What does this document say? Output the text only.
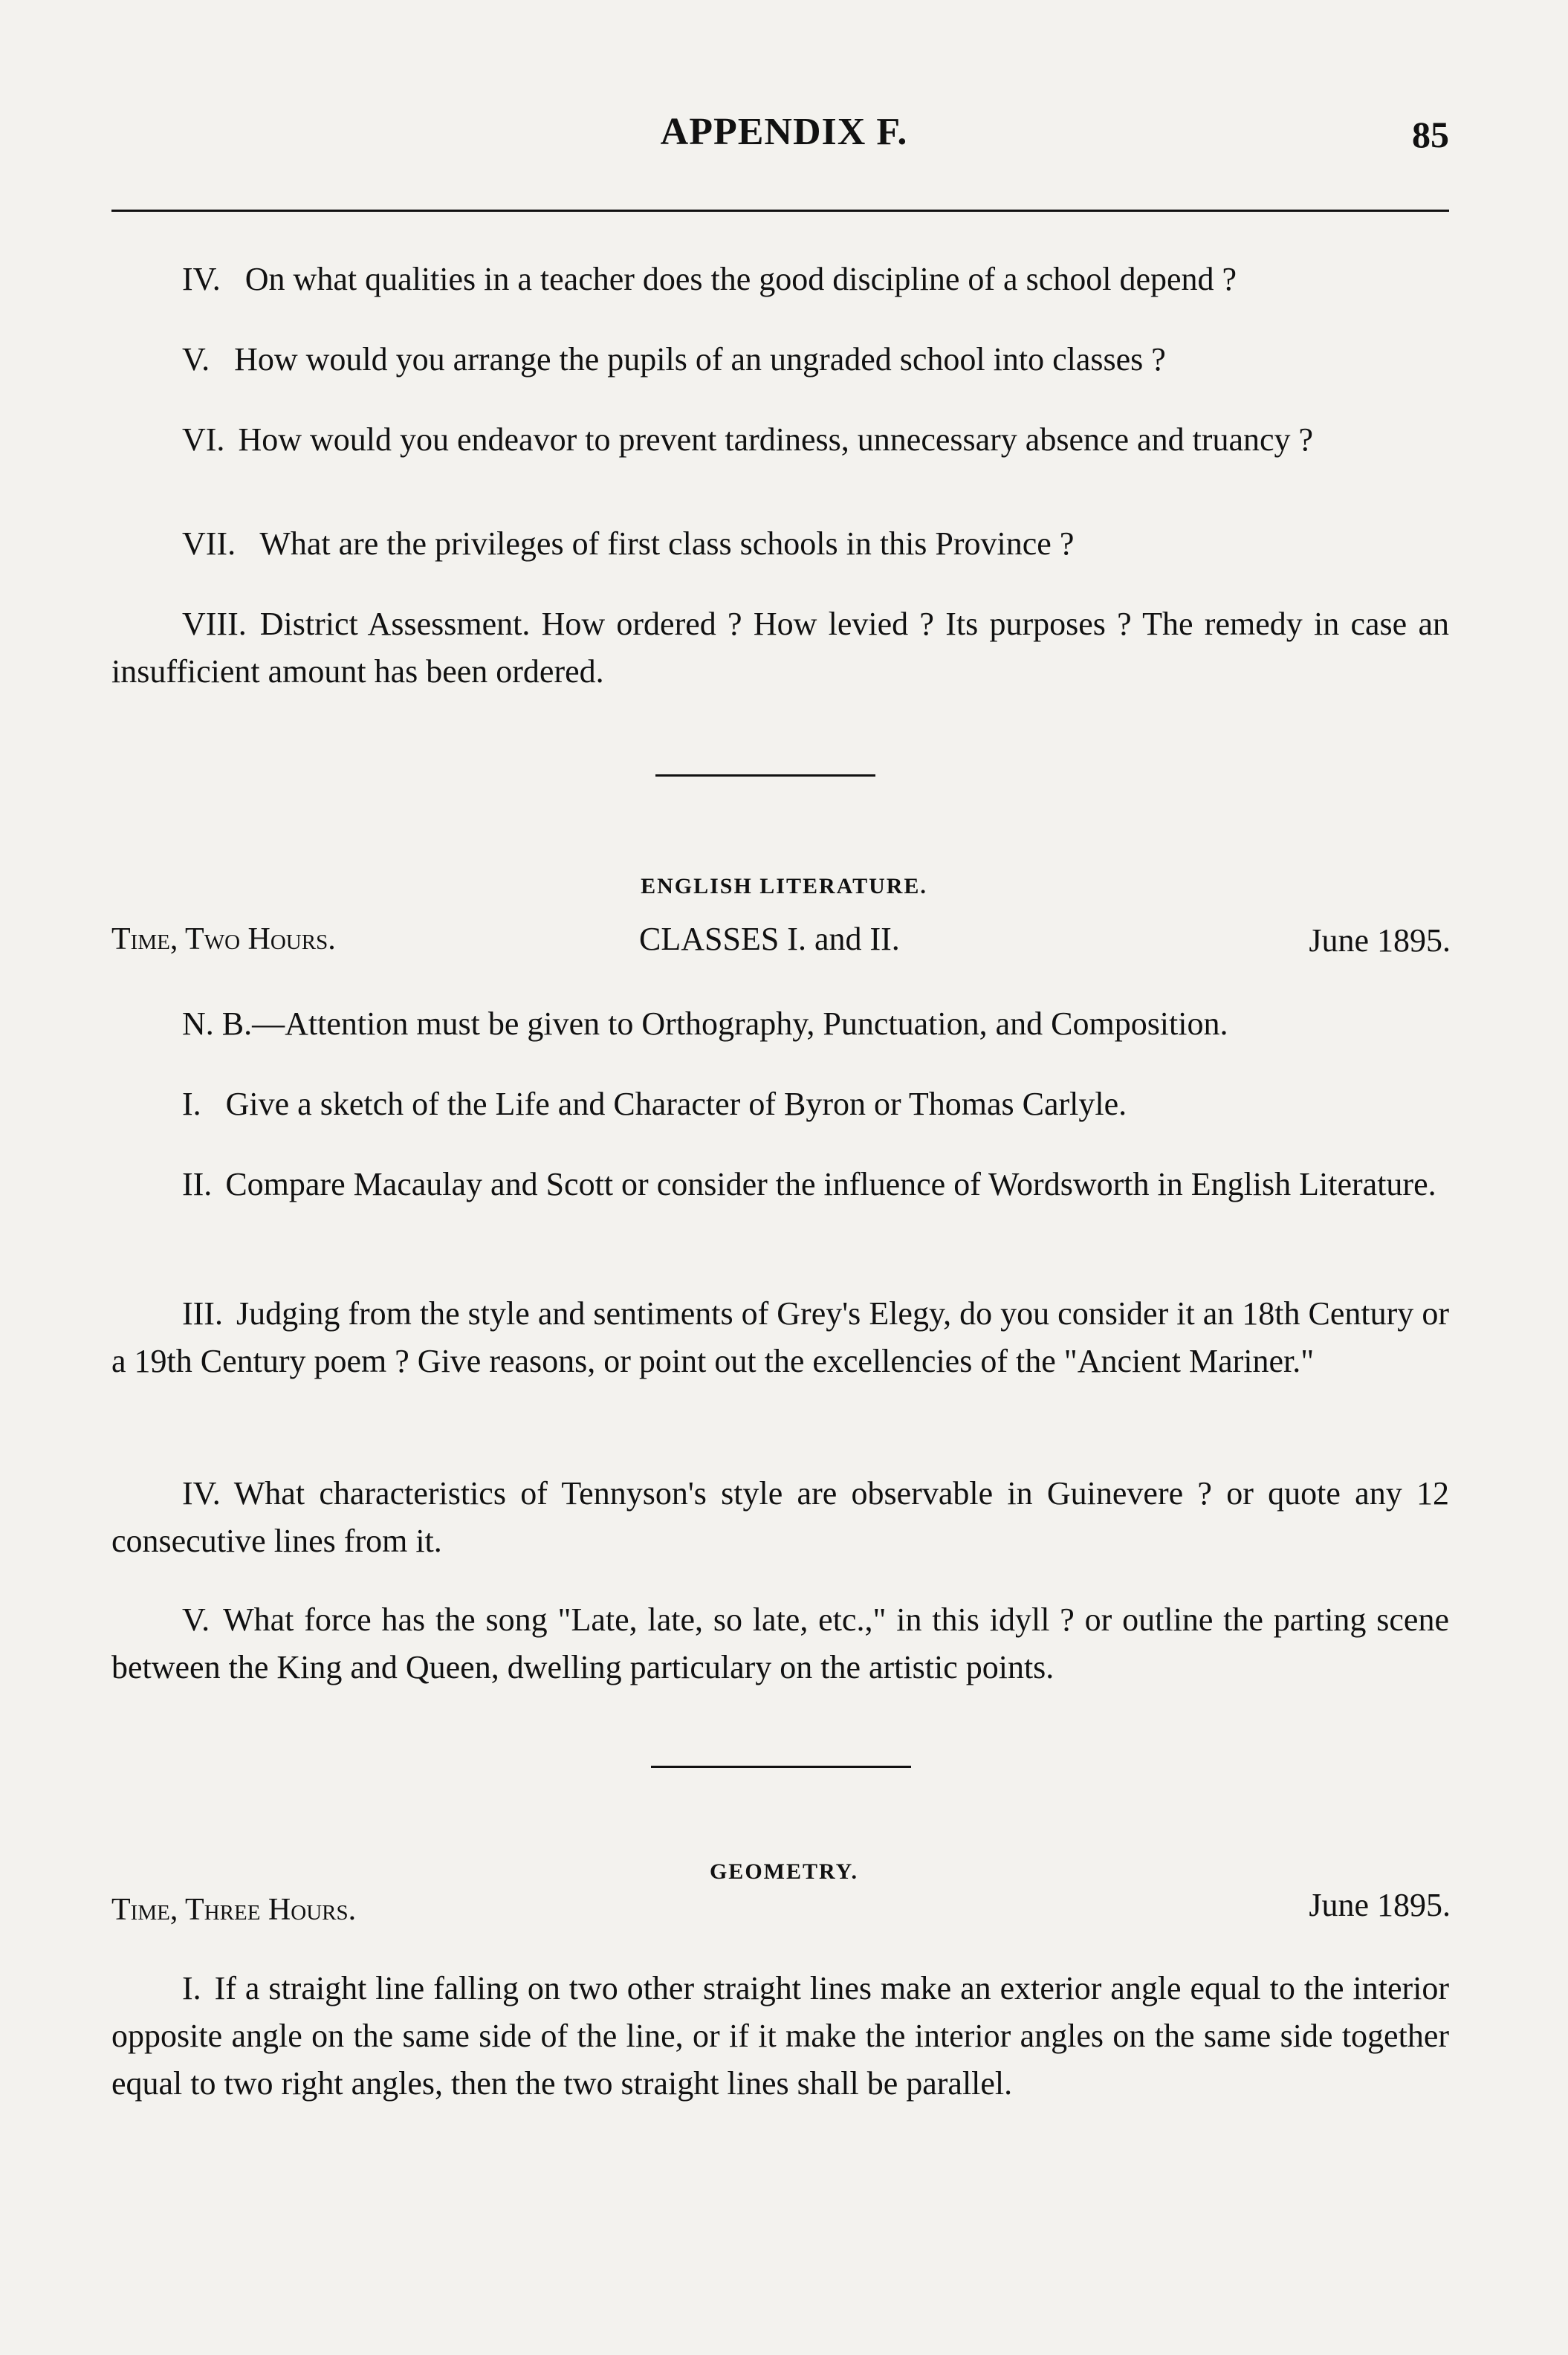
APPENDIX F.	85
IV. On what qualities in a teacher does the good discipline of a school depend ?
V. How would you arrange the pupils of an ungraded school into classes ?
VI. How would you endeavor to prevent tardiness, unnecessary absence and truancy ?
VII. What are the privileges of first class schools in this Province ?
VIII. District Assessment. How ordered ? How levied ? Its purposes ? The remedy in case an insufficient amount has been ordered.
ENGLISH LITERATURE.
Time, Two Hours.	CLASSES I. and II.	June 1895.
N. B.—Attention must be given to Orthography, Punctuation, and Composition.
I. Give a sketch of the Life and Character of Byron or Thomas Carlyle.
II. Compare Macaulay and Scott or consider the influence of Wordsworth in English Literature.
III. Judging from the style and sentiments of Grey's Elegy, do you consider it an 18th Century or a 19th Century poem ? Give reasons, or point out the excellencies of the "Ancient Mariner."
IV. What characteristics of Tennyson's style are observable in Guinevere ? or quote any 12 consecutive lines from it.
V. What force has the song "Late, late, so late, etc.," in this idyll ? or outline the parting scene between the King and Queen, dwelling particulary on the artistic points.
GEOMETRY.
Time, Three Hours.	June 1895.
I. If a straight line falling on two other straight lines make an exterior angle equal to the interior opposite angle on the same side of the line, or if it make the interior angles on the same side together equal to two right angles, then the two straight lines shall be parallel.
